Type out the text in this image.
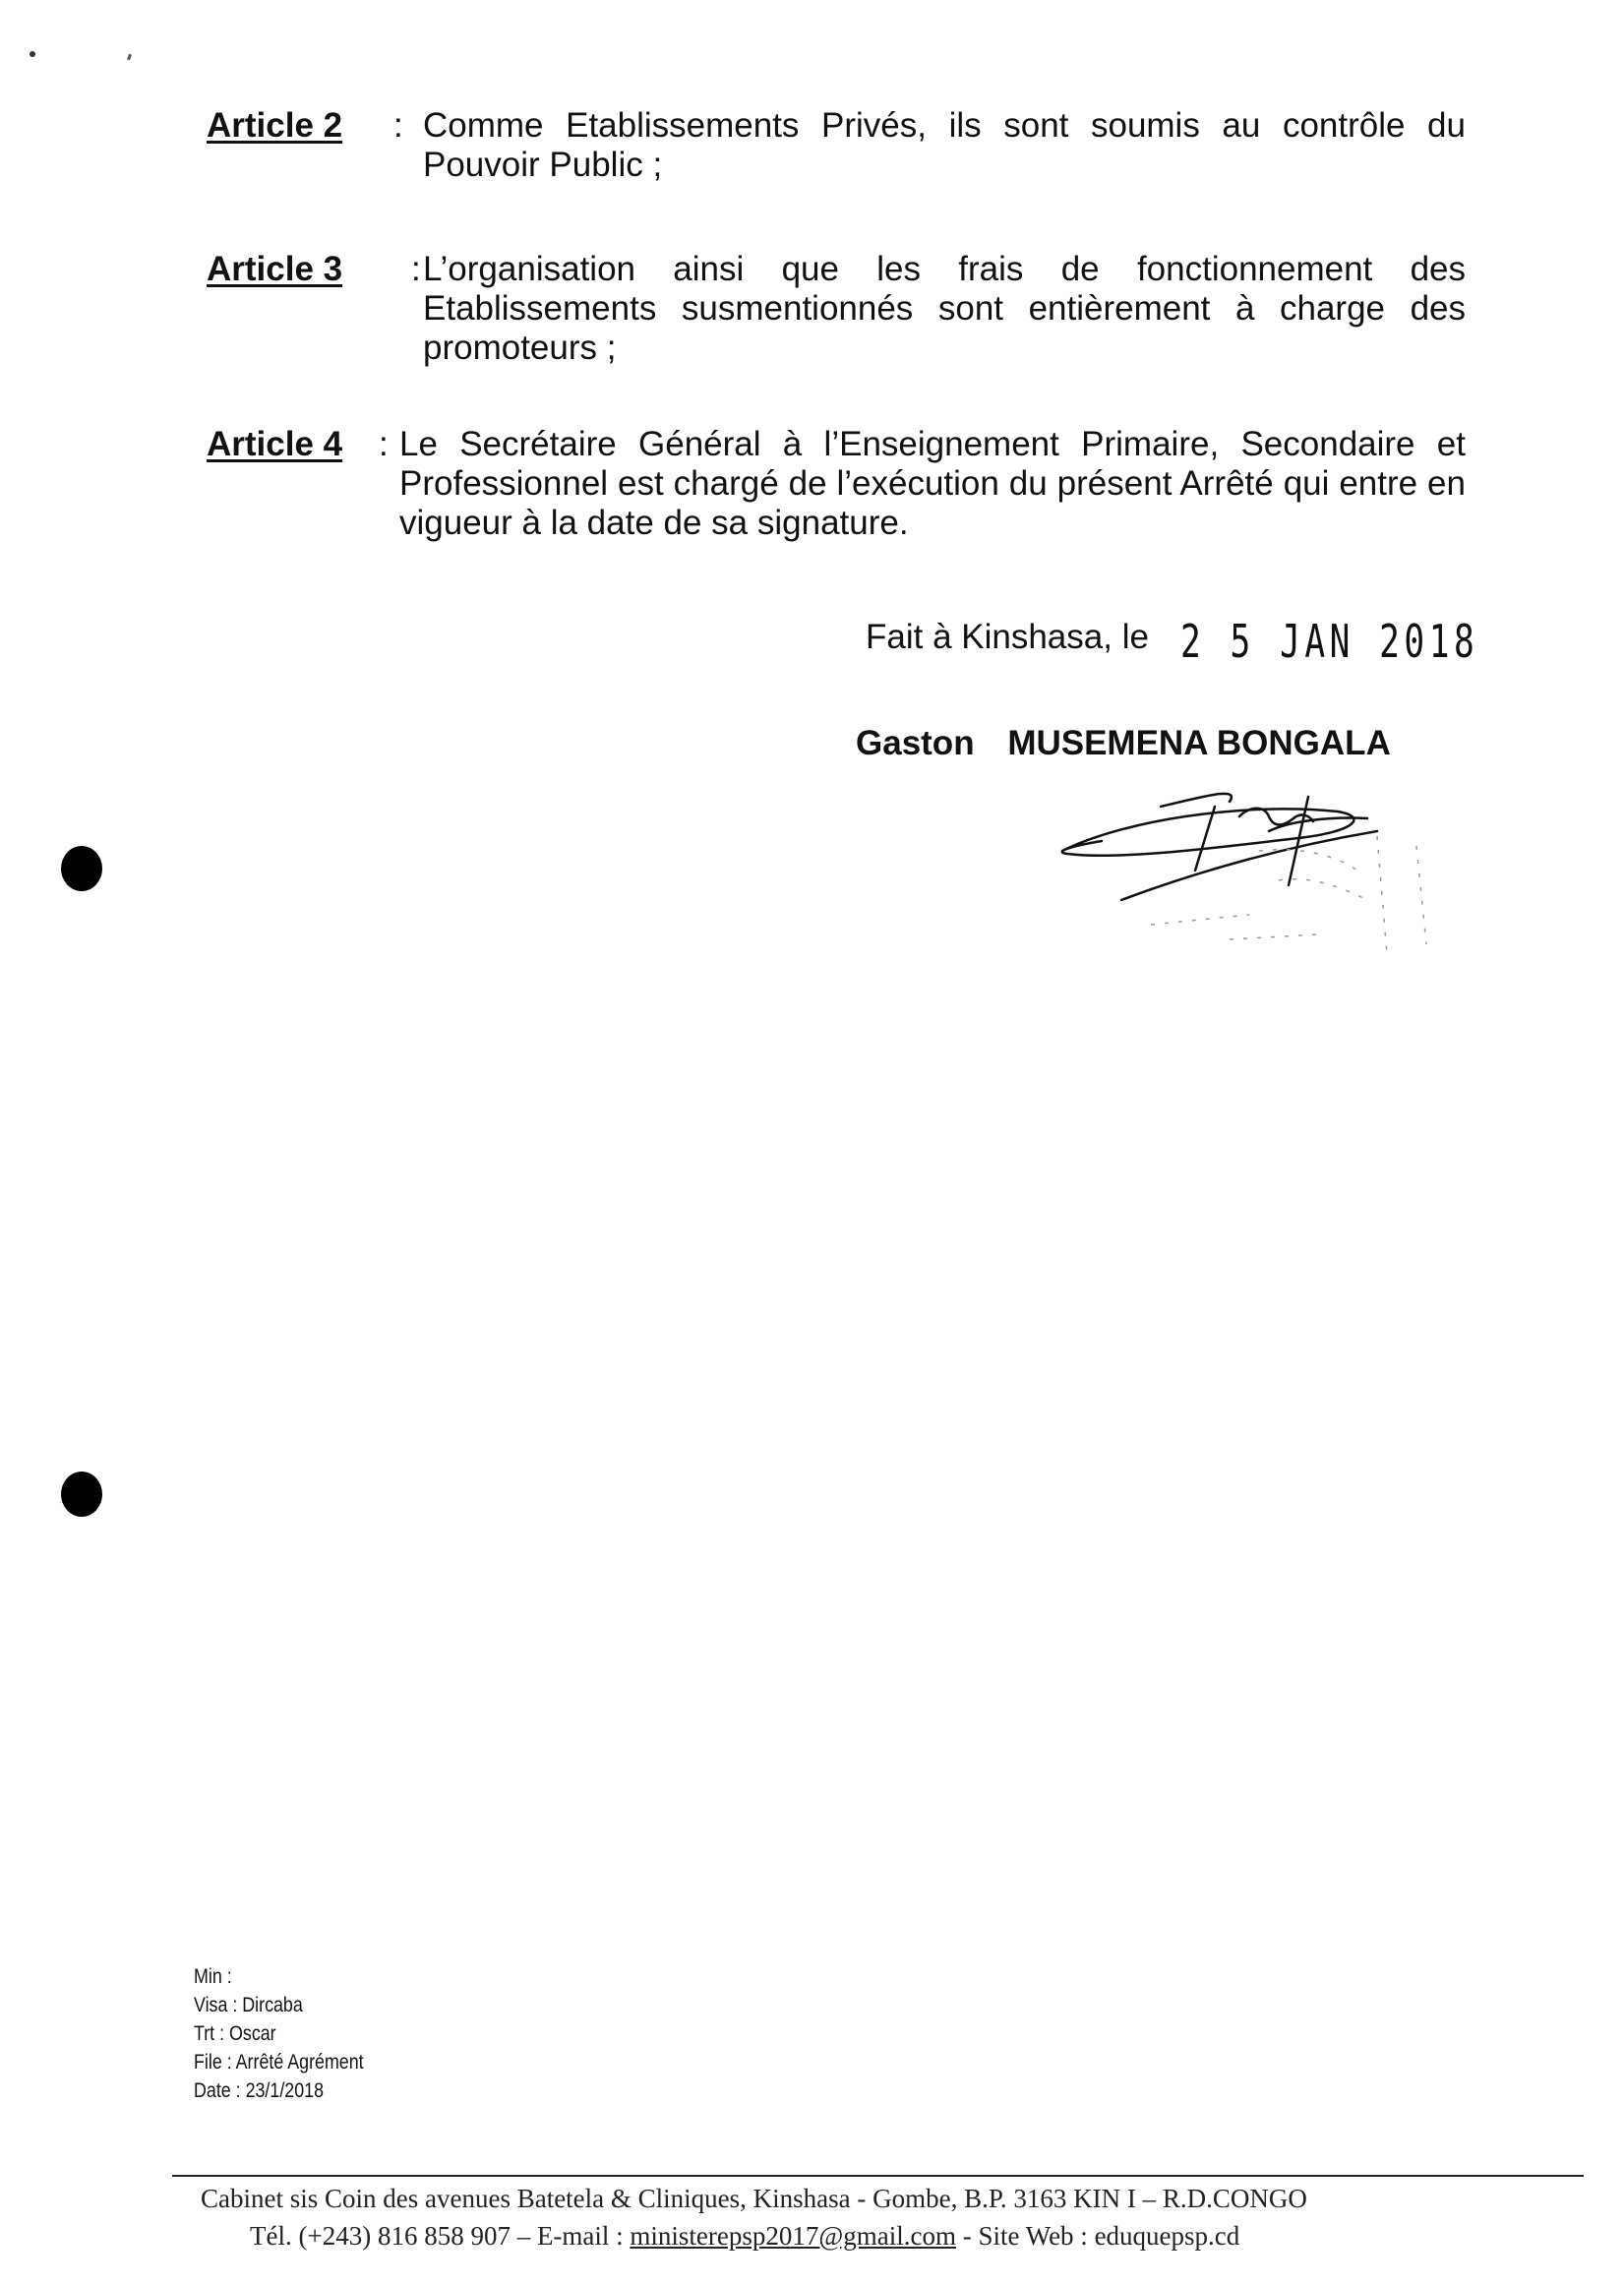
Article 2 : Comme Etablissements Privés, ils sont soumis au contrôle du Pouvoir Public ;
Article 3 : L’organisation ainsi que les frais de fonctionnement des Etablissements susmentionnés sont entièrement à charge des promoteurs ;
Article 4 : Le Secrétaire Général à l’Enseignement Primaire, Secondaire et Professionnel est chargé de l’exécution du présent Arrêté qui entre en vigueur à la date de sa signature.
Fait à Kinshasa, le 2 5 JAN 2018
Gaston MUSEMENA BONGALA
Min :
Visa : Dircaba
Trt : Oscar
File : Arrêté Agrément
Date : 23/1/2018
Cabinet sis Coin des avenues Batetela & Cliniques, Kinshasa - Gombe, B.P. 3163 KIN I – R.D.CONGO
Tél. (+243) 816 858 907 – E-mail : ministerepsp2017@gmail.com - Site Web : eduquepsp.cd
